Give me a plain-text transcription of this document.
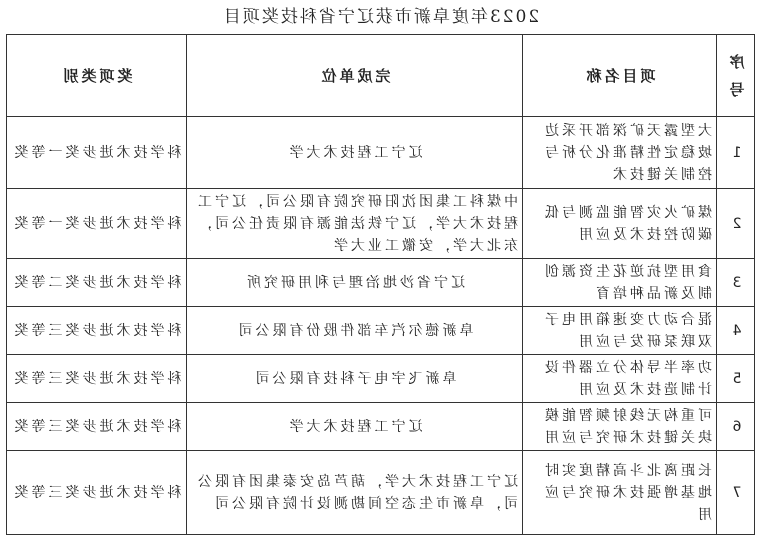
2023年度阜新市获辽宁省科技奖项目
序
号	项目名称	完成单位	奖项类别
1	大型露天矿深部开采边坡稳定性精准化分析与控制关键技术	辽宁工程技术大学	科学技术进步奖一等奖
2	煤矿火灾智能监测与低碳防控技术及应用	中煤科工集团沈阳研究院有限公司，辽宁工程技术大学，辽宁铁法能源有限责任公司，东北大学，安徽工业大学	科学技术进步奖一等奖
3	食用型抗逆花生资源创制及新品种培育	辽宁省沙地治理与利用研究所	科学技术进步奖二等奖
4	混合动力变速箱用电子双联泵研发与应用	阜新德尔汽车部件股份有限公司	科学技术进步奖三等奖
5	功率半导体分立器件设计制造技术及应用	阜新飞宇电子科技有限公司	科学技术进步奖三等奖
6	可重构无线射频智能模块关键技术研究与应用	辽宁工程技术大学	科学技术进步奖三等奖
7	长距离北斗高精度实时地基增强技术研究与应用	辽宁工程技术大学，葫芦岛安泰集团有限公司，阜新市生态空间勘测设计院有限公司	科学技术进步奖三等奖
